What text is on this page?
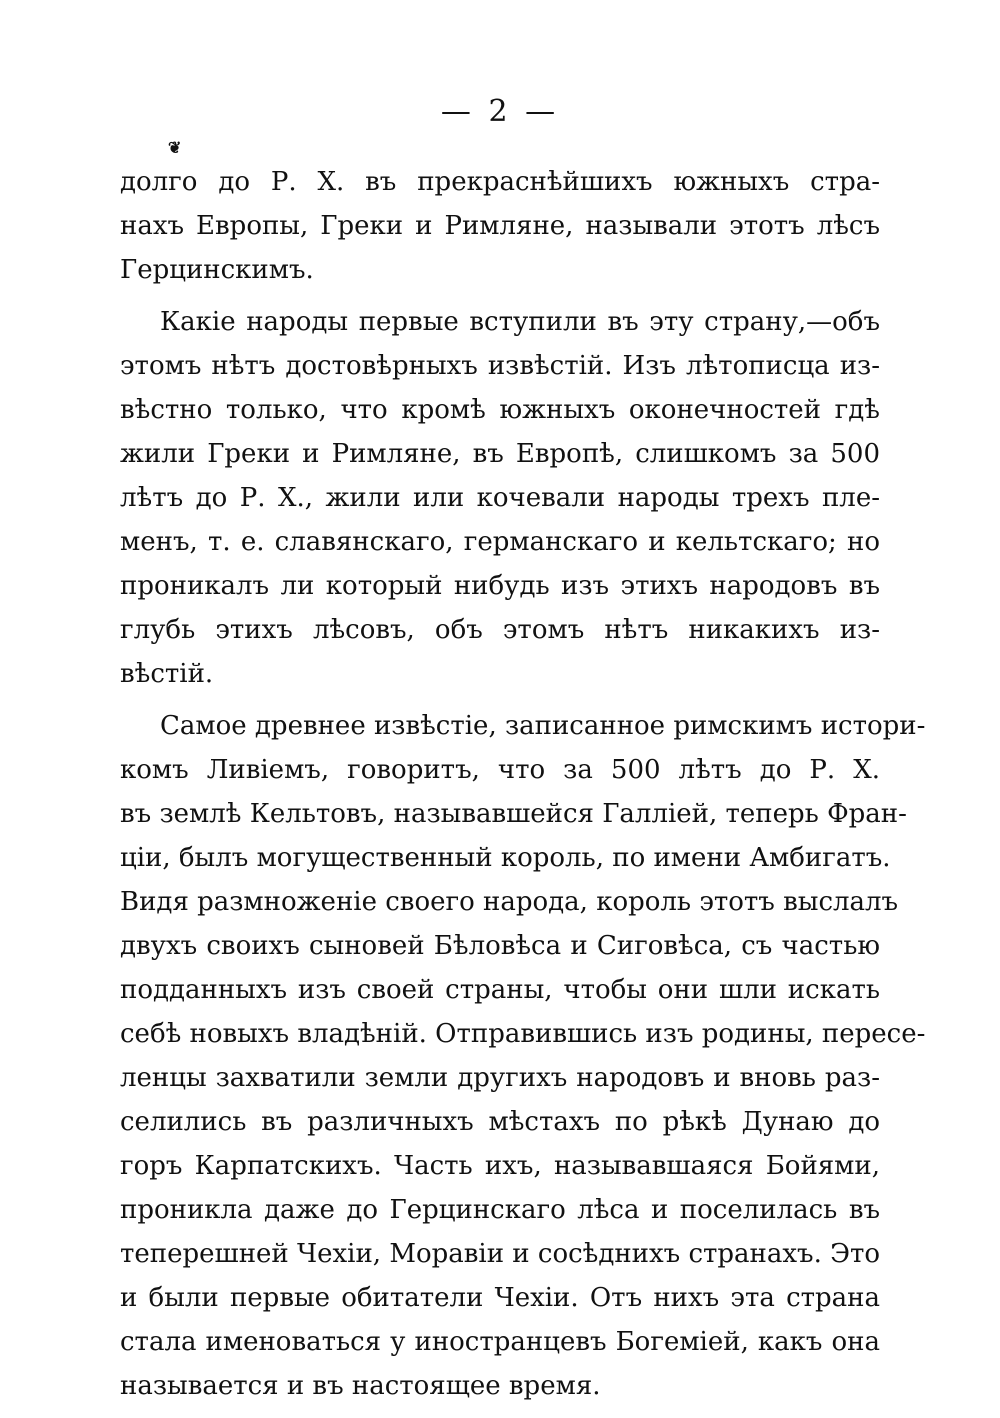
— 2 —
❦
долго до Р. Х. въ прекраснѣйшихъ южныхъ стра-
нахъ Европы, Греки и Римляне, называли этотъ лѣсъ
Герцинскимъ.
Какіе народы первые вступили въ эту страну,—объ
этомъ нѣтъ достовѣрныхъ извѣстій. Изъ лѣтописца из-
вѣстно только, что кромѣ южныхъ оконечностей гдѣ
жили Греки и Римляне, въ Европѣ, слишкомъ за 500
лѣтъ до Р. Х., жили или кочевали народы трехъ пле-
менъ, т. е. славянскаго, германскаго и кельтскаго; но
проникалъ ли который нибудь изъ этихъ народовъ въ
глубь этихъ лѣсовъ, объ этомъ нѣтъ никакихъ из-
вѣстій.
Самое древнее извѣстіе, записанное римскимъ истори-
комъ Ливіемъ, говоритъ, что за 500 лѣтъ до Р. Х.
въ землѣ Кельтовъ, называвшейся Галліей, теперь Фран-
ціи, былъ могущественный король, по имени Амбигатъ.
Видя размноженіе своего народа, король этотъ выслалъ
двухъ своихъ сыновей Бѣловѣса и Сиговѣса, съ частью
подданныхъ изъ своей страны, чтобы они шли искать
себѣ новыхъ владѣній. Отправившись изъ родины, пересе-
ленцы захватили земли другихъ народовъ и вновь раз-
селились въ различныхъ мѣстахъ по рѣкѣ Дунаю до
горъ Карпатскихъ. Часть ихъ, называвшаяся Бойями,
проникла даже до Герцинскаго лѣса и поселилась въ
теперешней Чехіи, Моравіи и сосѣднихъ странахъ. Это
и были первые обитатели Чехіи. Отъ нихъ эта страна
стала именоваться у иностранцевъ Богеміей, какъ она
называется и въ настоящее время.
